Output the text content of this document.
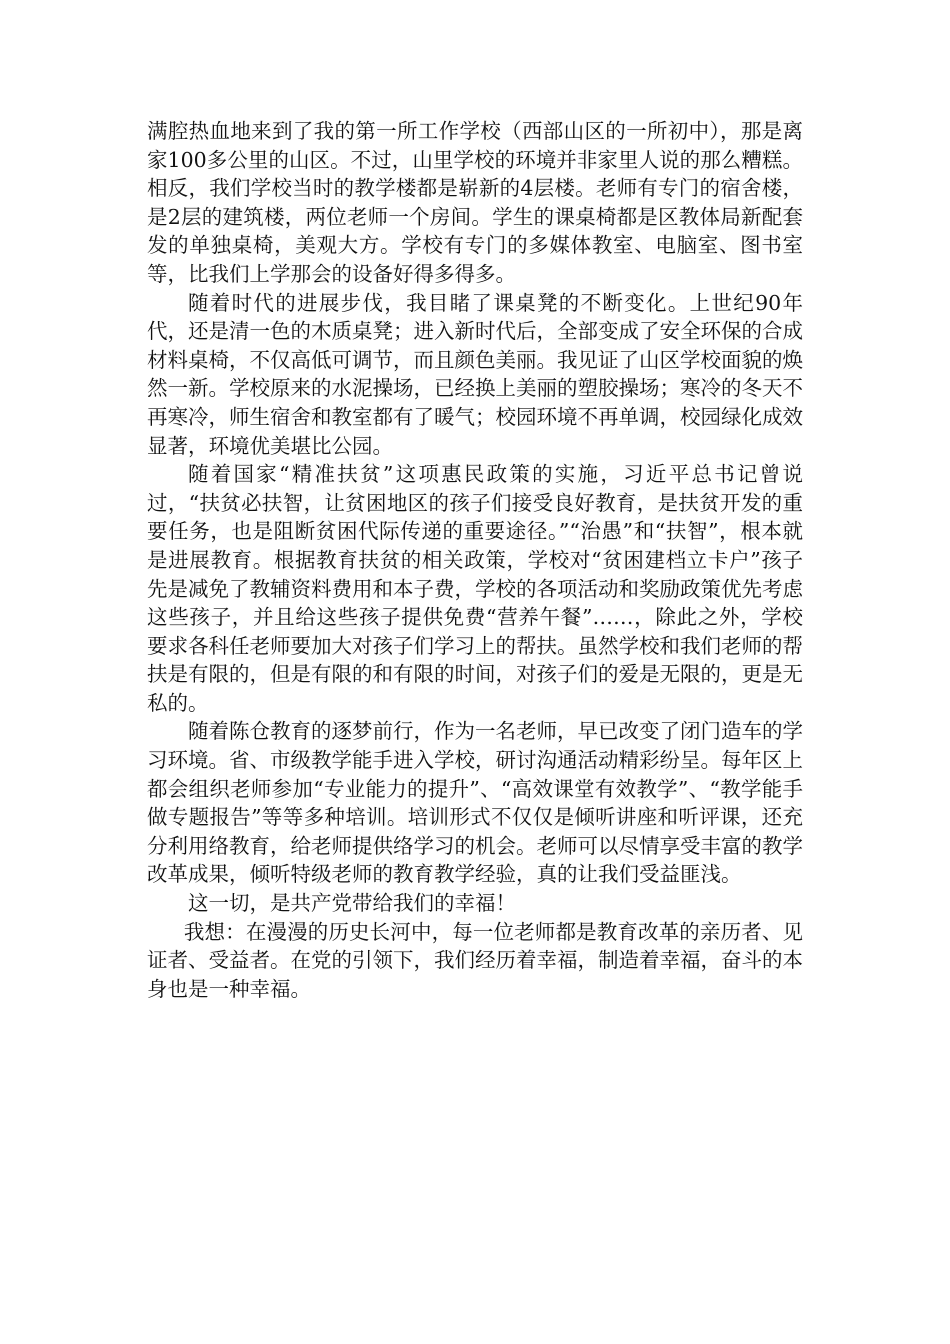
满腔热血地来到了我的第一所工作学校（西部山区的一所初中），那是离家100多公里的山区。不过，山里学校的环境并非家里人说的那么糟糕。相反，我们学校当时的教学楼都是崭新的4层楼。老师有专门的宿舍楼，是2层的建筑楼，两位老师一个房间。学生的课桌椅都是区教体局新配套发的单独桌椅，美观大方。学校有专门的多媒体教室、电脑室、图书室等，比我们上学那会的设备好得多得多。

随着时代的进展步伐，我目睹了课桌凳的不断变化。上世纪90年代，还是清一色的木质桌凳；进入新时代后，全部变成了安全环保的合成材料桌椅，不仅高低可调节，而且颜色美丽。我见证了山区学校面貌的焕然一新。学校原来的水泥操场，已经换上美丽的塑胶操场；寒冷的冬天不再寒冷，师生宿舍和教室都有了暖气；校园环境不再单调，校园绿化成效显著，环境优美堪比公园。

随着国家“精准扶贫”这项惠民政策的实施，习近平总书记曾说过，“扶贫必扶智，让贫困地区的孩子们接受良好教育，是扶贫开发的重要任务，也是阻断贫困代际传递的重要途径。”“治愚”和“扶智”，根本就是进展教育。根据教育扶贫的相关政策，学校对“贫困建档立卡户”孩子先是减免了教辅资料费用和本子费，学校的各项活动和奖励政策优先考虑这些孩子，并且给这些孩子提供免费“营养午餐”……，除此之外，学校要求各科任老师要加大对孩子们学习上的帮扶。虽然学校和我们老师的帮扶是有限的，但是有限的和有限的时间，对孩子们的爱是无限的，更是无私的。

随着陈仓教育的逐梦前行，作为一名老师，早已改变了闭门造车的学习环境。省、市级教学能手进入学校，研讨沟通活动精彩纷呈。每年区上都会组织老师参加“专业能力的提升”、“高效课堂有效教学”、“教学能手做专题报告”等等多种培训。培训形式不仅仅是倾听讲座和听评课，还充分利用络教育，给老师提供络学习的机会。老师可以尽情享受丰富的教学改革成果，倾听特级老师的教育教学经验，真的让我们受益匪浅。

这一切，是共产党带给我们的幸福！

我想：在漫漫的历史长河中，每一位老师都是教育改革的亲历者、见证者、受益者。在党的引领下，我们经历着幸福，制造着幸福，奋斗的本身也是一种幸福。
